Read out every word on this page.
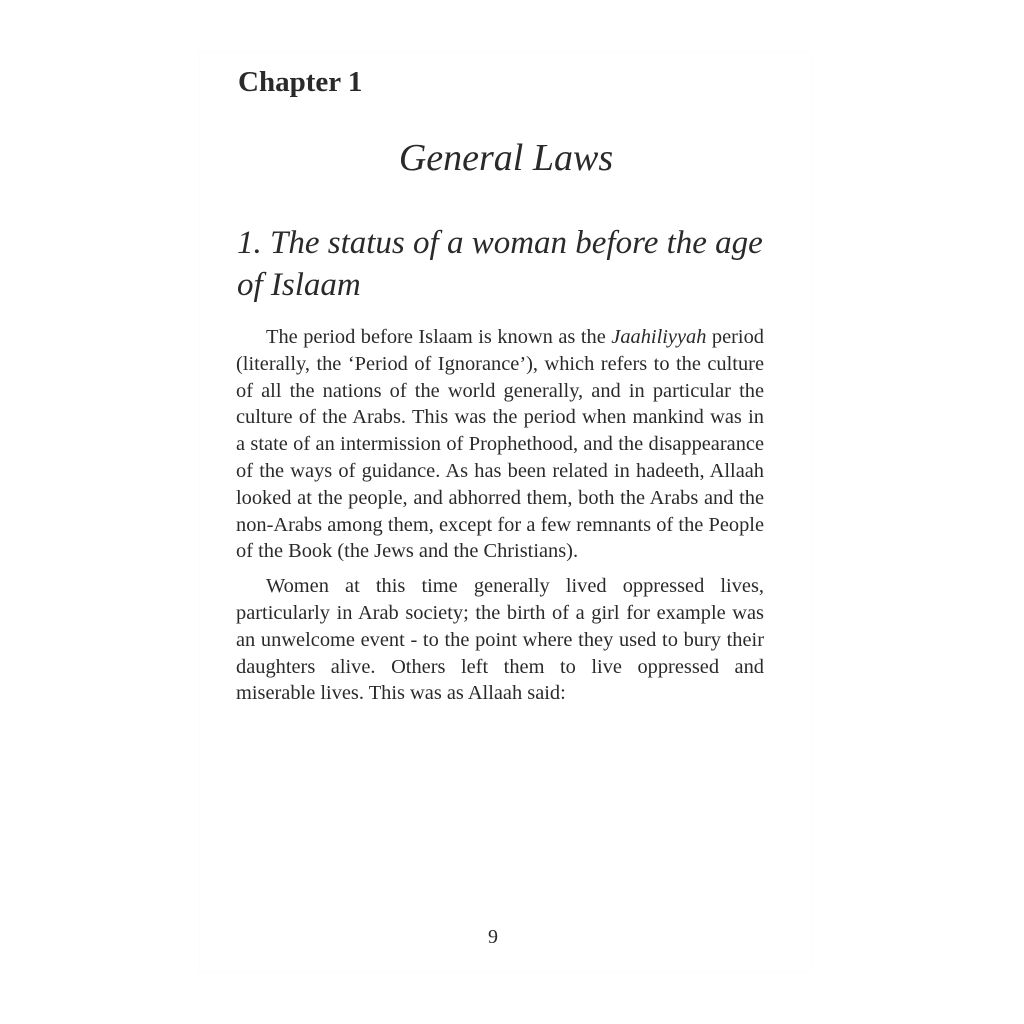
Chapter 1
General Laws
1. The status of a woman before the age of Islaam

The period before Islaam is known as the Jaahiliyyah period (literally, the ‘Period of Ignorance’), which refers to the culture of all the nations of the world generally, and in particular the culture of the Arabs. This was the period when mankind was in a state of an intermission of Prophethood, and the disappearance of the ways of guidance. As has been related in hadeeth, Allaah looked at the people, and abhorred them, both the Arabs and the non-Arabs among them, except for a few remnants of the People of the Book (the Jews and the Christians).

Women at this time generally lived oppressed lives, particularly in Arab society; the birth of a girl for example was an unwelcome event - to the point where they used to bury their daughters alive. Others left them to live oppressed and miserable lives. This was as Allaah said:

9
